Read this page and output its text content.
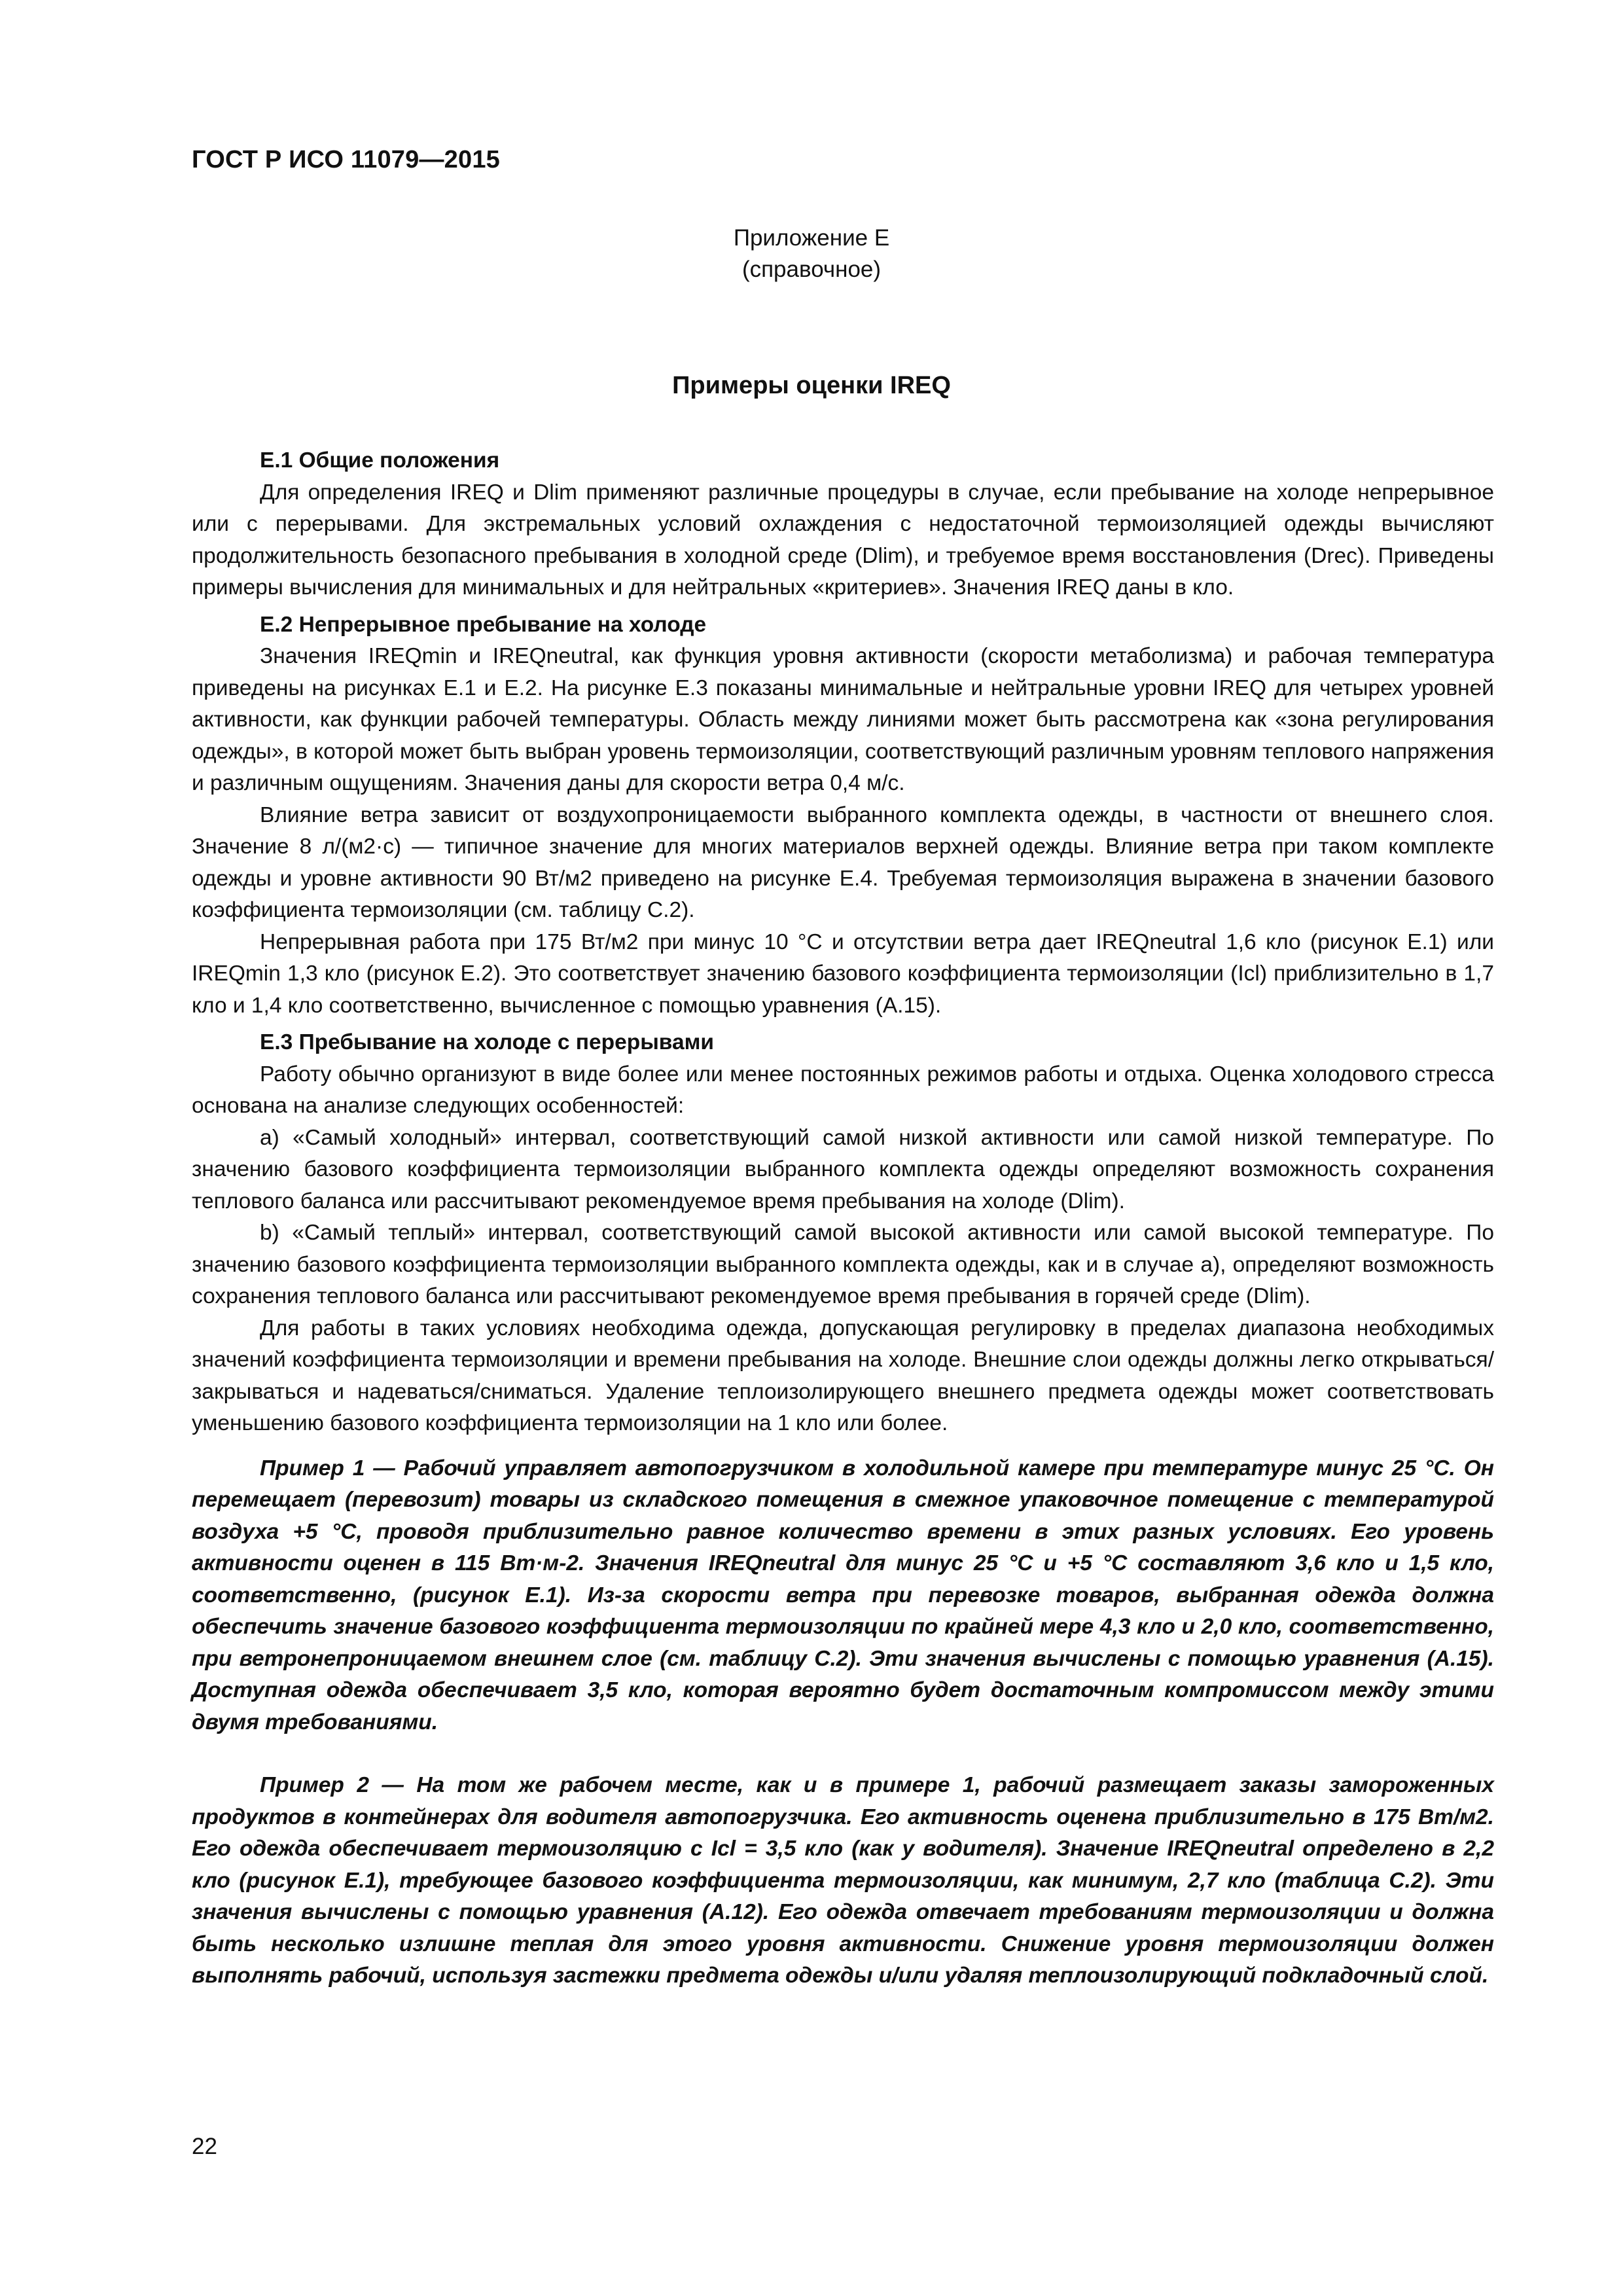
ГОСТ Р ИСО 11079—2015
Приложение Е
(справочное)
Примеры оценки IREQ
Е.1 Общие положения

Для определения IREQ и Dlim применяют различные процедуры в случае, если пребывание на холоде непрерывное или с перерывами. Для экстремальных условий охлаждения с недостаточной термоизоляцией одежды вычисляют продолжительность безопасного пребывания в холодной среде (Dlim), и требуемое время восстановления (Drec). Приведены примеры вычисления для минимальных и для нейтральных «критериев». Значения IREQ даны в кло.

Е.2 Непрерывное пребывание на холоде

Значения IREQmin и IREQneutral, как функция уровня активности (скорости метаболизма) и рабочая температура приведены на рисунках Е.1 и Е.2. На рисунке Е.3 показаны минимальные и нейтральные уровни IREQ для четырех уровней активности, как функции рабочей температуры. Область между линиями может быть рассмотрена как «зона регулирования одежды», в которой может быть выбран уровень термоизоляции, соответствующий различным уровням теплового напряжения и различным ощущениям. Значения даны для скорости ветра 0,4 м/с.

Влияние ветра зависит от воздухопроницаемости выбранного комплекта одежды, в частности от внешнего слоя. Значение 8 л/(м2·с) — типичное значение для многих материалов верхней одежды. Влияние ветра при таком комплекте одежды и уровне активности 90 Вт/м2 приведено на рисунке Е.4. Требуемая термоизоляция выражена в значении базового коэффициента термоизоляции (см. таблицу С.2).

Непрерывная работа при 175 Вт/м2 при минус 10 °С и отсутствии ветра дает IREQneutral 1,6 кло (рисунок Е.1) или IREQmin 1,3 кло (рисунок Е.2). Это соответствует значению базового коэффициента термоизоляции (Icl) приблизительно в 1,7 кло и 1,4 кло соответственно, вычисленное с помощью уравнения (А.15).

Е.3 Пребывание на холоде с перерывами

Работу обычно организуют в виде более или менее постоянных режимов работы и отдыха. Оценка холодового стресса основана на анализе следующих особенностей:

a) «Самый холодный» интервал, соответствующий самой низкой активности или самой низкой температуре. По значению базового коэффициента термоизоляции выбранного комплекта одежды определяют возможность сохранения теплового баланса или рассчитывают рекомендуемое время пребывания на холоде (Dlim).

b) «Самый теплый» интервал, соответствующий самой высокой активности или самой высокой температуре. По значению базового коэффициента термоизоляции выбранного комплекта одежды, как и в случае а), определяют возможность сохранения теплового баланса или рассчитывают рекомендуемое время пребывания в горячей среде (Dlim).

Для работы в таких условиях необходима одежда, допускающая регулировку в пределах диапазона необходимых значений коэффициента термоизоляции и времени пребывания на холоде. Внешние слои одежды должны легко открываться/закрываться и надеваться/сниматься. Удаление теплоизолирующего внешнего предмета одежды может соответствовать уменьшению базового коэффициента термоизоляции на 1 кло или более.

Пример 1 — Рабочий управляет автопогрузчиком в холодильной камере при температуре минус 25 °С. Он перемещает (перевозит) товары из складского помещения в смежное упаковочное помещение с температурой воздуха +5 °С, проводя приблизительно равное количество времени в этих разных условиях. Его уровень активности оценен в 115 Вт·м-2. Значения IREQneutral для минус 25 °С и +5 °С составляют 3,6 кло и 1,5 кло, соответственно, (рисунок Е.1). Из-за скорости ветра при перевозке товаров, выбранная одежда должна обеспечить значение базового коэффициента термоизоляции по крайней мере 4,3 кло и 2,0 кло, соответственно, при ветронепроницаемом внешнем слое (см. таблицу С.2). Эти значения вычислены с помощью уравнения (А.15). Доступная одежда обеспечивает 3,5 кло, которая вероятно будет достаточным компромиссом между этими двумя требованиями.

Пример 2 — На том же рабочем месте, как и в примере 1, рабочий размещает заказы замороженных продуктов в контейнерах для водителя автопогрузчика. Его активность оценена приблизительно в 175 Вт/м2. Его одежда обеспечивает термоизоляцию с Icl = 3,5 кло (как у водителя). Значение IREQneutral определено в 2,2 кло (рисунок Е.1), требующее базового коэффициента термоизоляции, как минимум, 2,7 кло (таблица С.2). Эти значения вычислены с помощью уравнения (А.12). Его одежда отвечает требованиям термоизоляции и должна быть несколько излишне теплая для этого уровня активности. Снижение уровня термоизоляции должен выполнять рабочий, используя застежки предмета одежды и/или удаляя теплоизолирующий подкладочный слой.

22
